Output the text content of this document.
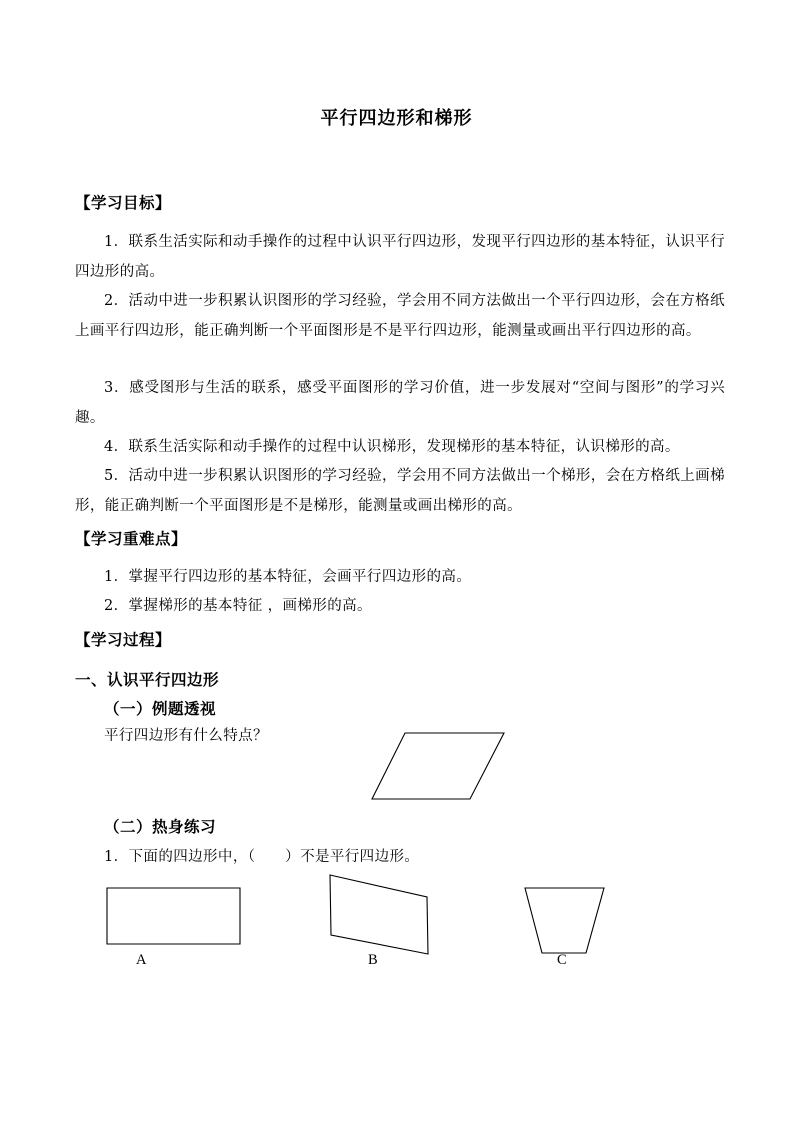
平行四边形和梯形
【学习目标】
1．联系生活实际和动手操作的过程中认识平行四边形，发现平行四边形的基本特征，认识平行四边形的高。
2．活动中进一步积累认识图形的学习经验，学会用不同方法做出一个平行四边形，会在方格纸上画平行四边形，能正确判断一个平面图形是不是平行四边形，能测量或画出平行四边形的高。
3．感受图形与生活的联系，感受平面图形的学习价值，进一步发展对“空间与图形”的学习兴趣。
4．联系生活实际和动手操作的过程中认识梯形，发现梯形的基本特征，认识梯形的高。
5．活动中进一步积累认识图形的学习经验，学会用不同方法做出一个梯形，会在方格纸上画梯形，能正确判断一个平面图形是不是梯形，能测量或画出梯形的高。
【学习重难点】
1．掌握平行四边形的基本特征，会画平行四边形的高。
2．掌握梯形的基本特征 ，画梯形的高。
【学习过程】
一、认识平行四边形
（一）例题透视
平行四边形有什么特点？
（二）热身练习
1．下面的四边形中，（　　）不是平行四边形。
A	B	C
